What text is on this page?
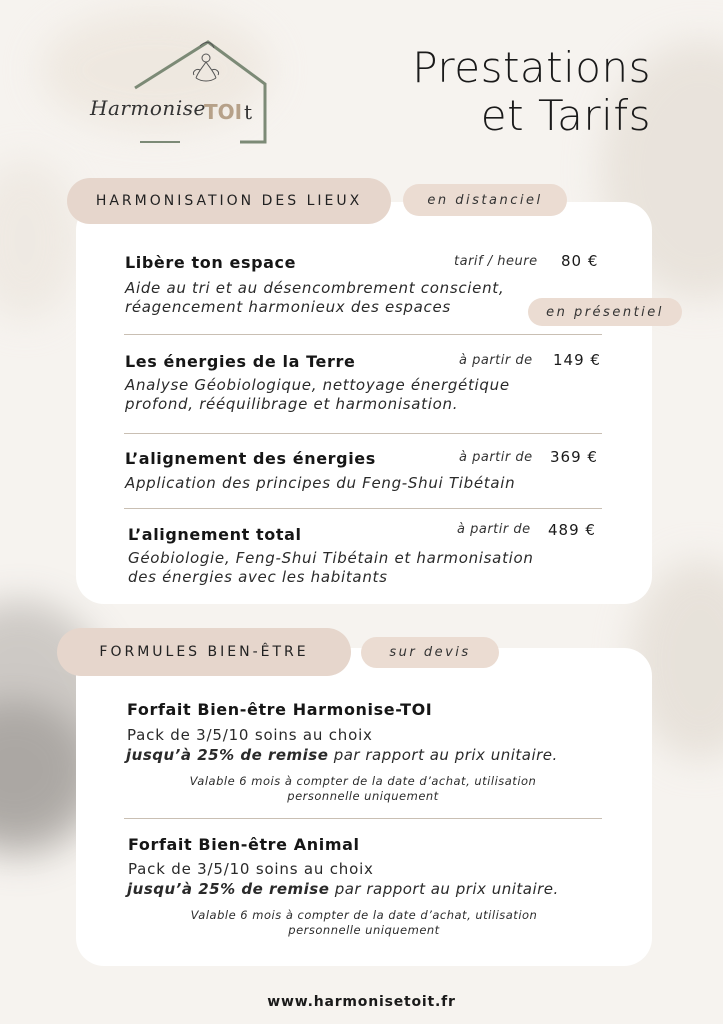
Harmonise
TOI t
Prestations
et Tarifs
HARMONISATION DES LIEUX	en distanciel
Libère ton espace	tarif / heure 80 €
Aide au tri et au désencombrement conscient,
réagencement harmonieux des espaces	en présentiel
Les énergies de la Terre	à partir de 149 €
Analyse Géobiologique, nettoyage énergétique
profond, rééquilibrage et harmonisation.
L’alignement des énergies	à partir de 369 €
Application des principes du Feng-Shui Tibétain
L’alignement total	à partir de 489 €
Géobiologie, Feng-Shui Tibétain et harmonisation
des énergies avec les habitants
FORMULES BIEN-ÊTRE	sur devis
Forfait Bien-être Harmonise-TOI
Pack de 3/5/10 soins au choix
jusqu’à 25% de remise par rapport au prix unitaire.
Valable 6 mois à compter de la date d’achat, utilisation
personnelle uniquement
Forfait Bien-être Animal
Pack de 3/5/10 soins au choix
jusqu’à 25% de remise par rapport au prix unitaire.
Valable 6 mois à compter de la date d’achat, utilisation
personnelle uniquement
www.harmonisetoit.fr
